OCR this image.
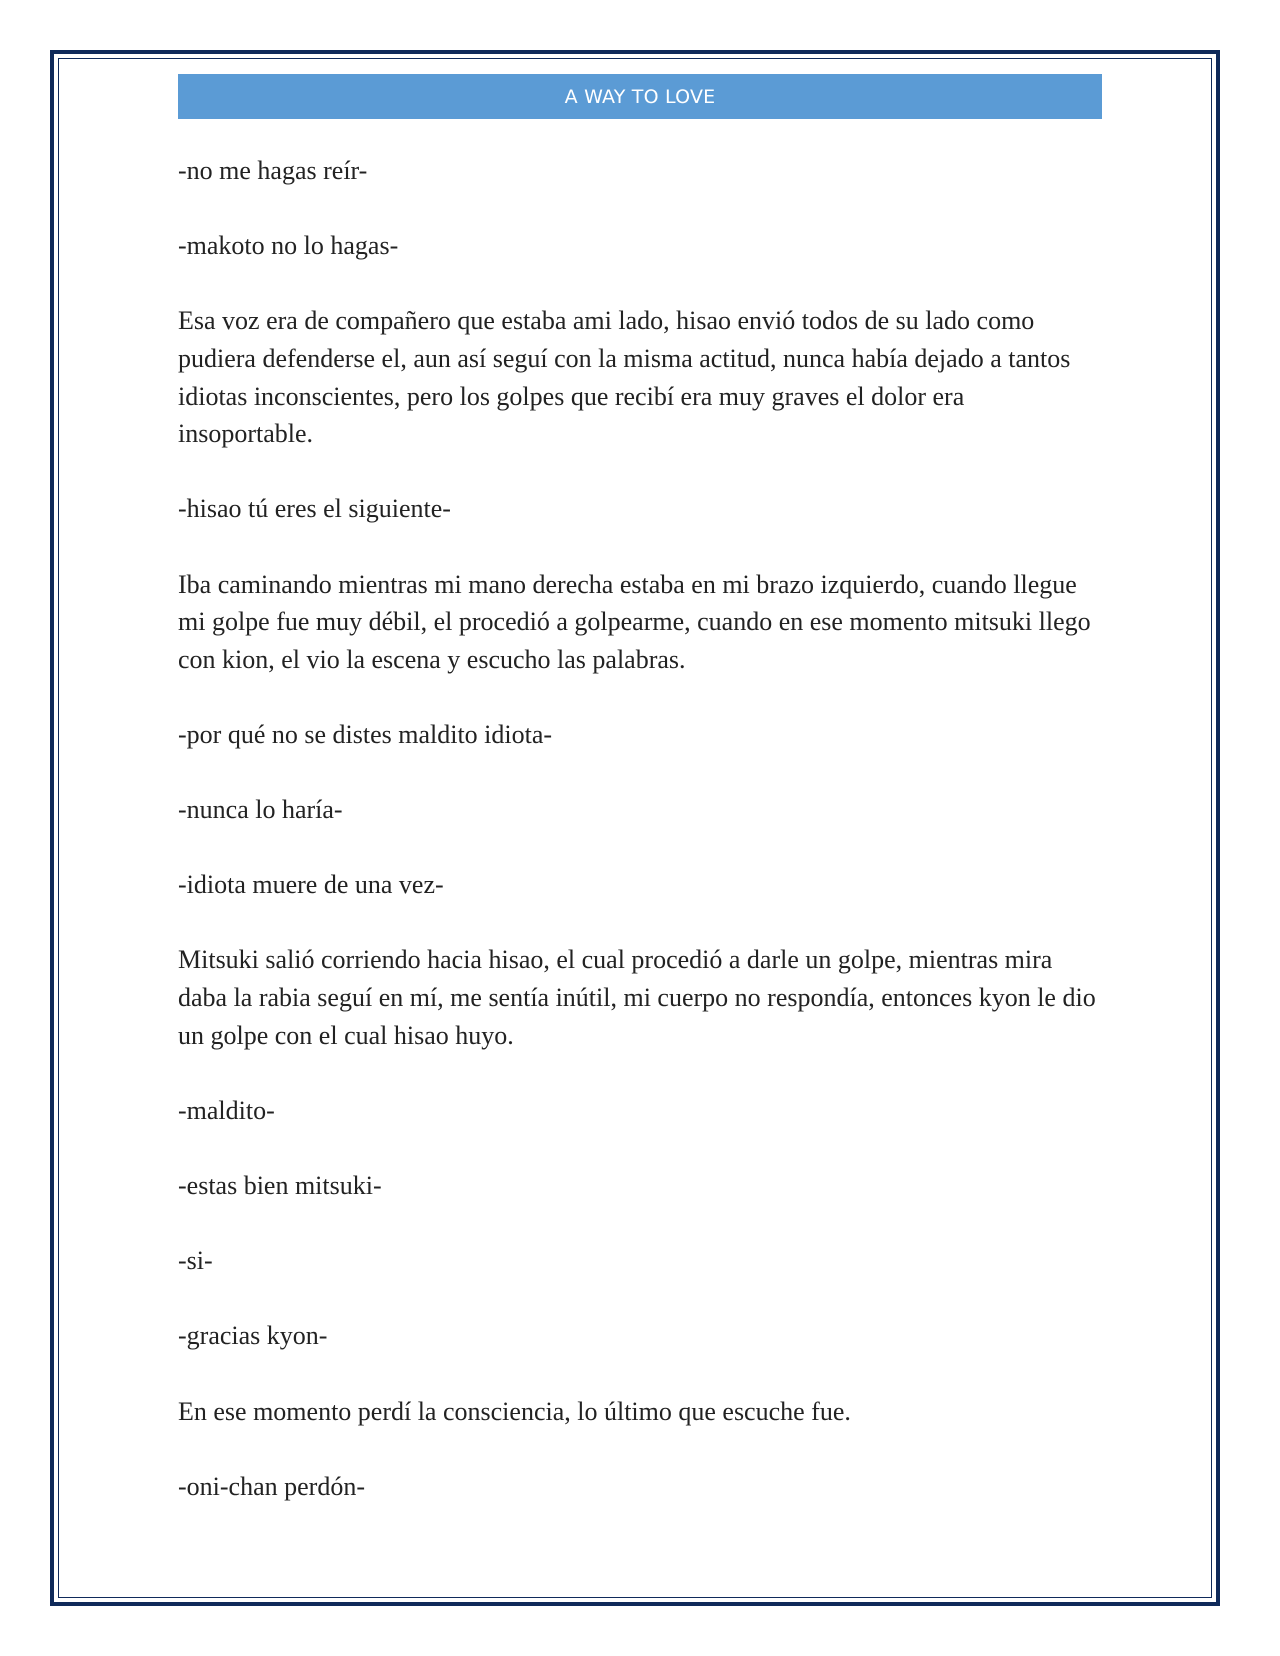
A WAY TO LOVE

-no me hagas reír-

-makoto no lo hagas-

Esa voz era de compañero que estaba ami lado, hisao envió todos de su lado como pudiera defenderse el, aun así seguí con la misma actitud, nunca había dejado a tantos idiotas inconscientes, pero los golpes que recibí era muy graves el dolor era insoportable.

-hisao tú eres el siguiente-

Iba caminando mientras mi mano derecha estaba en mi brazo izquierdo, cuando llegue mi golpe fue muy débil, el procedió a golpearme, cuando en ese momento mitsuki llego con kion, el vio la escena y escucho las palabras.

-por qué no se distes maldito idiota-

-nunca lo haría-

-idiota muere de una vez-

Mitsuki salió corriendo hacia hisao, el cual procedió a darle un golpe, mientras mira daba la rabia seguí en mí, me sentía inútil, mi cuerpo no respondía, entonces kyon le dio un golpe con el cual hisao huyo.

-maldito-

-estas bien mitsuki-

-si-

-gracias kyon-

En ese momento perdí la consciencia, lo último que escuche fue.

-oni-chan perdón-
